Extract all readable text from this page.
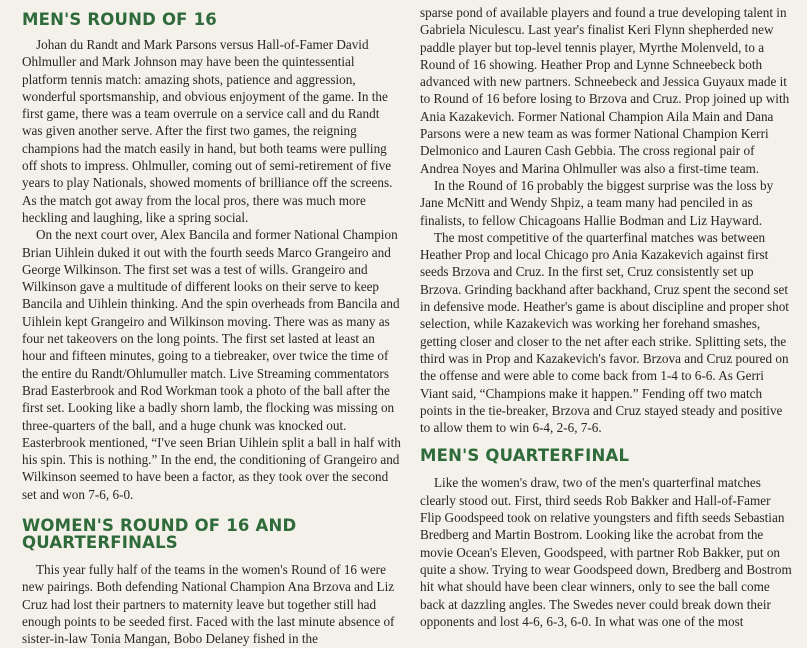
MEN'S ROUND OF 16

Johan du Randt and Mark Parsons versus Hall-of-Famer David Ohlmuller and Mark Johnson may have been the quintessential platform tennis match: amazing shots, patience and aggression, wonderful sportsmanship, and obvious enjoyment of the game. In the first game, there was a team overrule on a service call and du Randt was given another serve. After the first two games, the reigning champions had the match easily in hand, but both teams were pulling off shots to impress. Ohlmuller, coming out of semi-retirement of five years to play Nationals, showed moments of brilliance off the screens. As the match got away from the local pros, there was much more heckling and laughing, like a spring social.

On the next court over, Alex Bancila and former National Champion Brian Uihlein duked it out with the fourth seeds Marco Grangeiro and George Wilkinson. The first set was a test of wills. Grangeiro and Wilkinson gave a multitude of different looks on their serve to keep Bancila and Uihlein thinking. And the spin overheads from Bancila and Uihlein kept Grangeiro and Wilkinson moving. There was as many as four net takeovers on the long points. The first set lasted at least an hour and fifteen minutes, going to a tiebreaker, over twice the time of the entire du Randt/Ohlumuller match. Live Streaming commentators Brad Easterbrook and Rod Workman took a photo of the ball after the first set. Looking like a badly shorn lamb, the flocking was missing on three-quarters of the ball, and a huge chunk was knocked out. Easterbrook mentioned, “I've seen Brian Uihlein split a ball in half with his spin. This is nothing.” In the end, the conditioning of Grangeiro and Wilkinson seemed to have been a factor, as they took over the second set and won 7-6, 6-0.

WOMEN'S ROUND OF 16 AND QUARTERFINALS

This year fully half of the teams in the women's Round of 16 were new pairings. Both defending National Champion Ana Brzova and Liz Cruz had lost their partners to maternity leave but together still had enough points to be seeded first. Faced with the last minute absence of sister-in-law Tonia Mangan, Bobo Delaney fished in the

sparse pond of available players and found a true developing talent in Gabriela Niculescu. Last year's finalist Keri Flynn shepherded new paddle player but top-level tennis player, Myrthe Molenveld, to a Round of 16 showing. Heather Prop and Lynne Schneebeck both advanced with new partners. Schneebeck and Jessica Guyaux made it to Round of 16 before losing to Brzova and Cruz. Prop joined up with Ania Kazakevich. Former National Champion Aila Main and Dana Parsons were a new team as was former National Champion Kerri Delmonico and Lauren Cash Gebbia. The cross regional pair of Andrea Noyes and Marina Ohlmuller was also a first-time team.

In the Round of 16 probably the biggest surprise was the loss by Jane McNitt and Wendy Shpiz, a team many had penciled in as finalists, to fellow Chicagoans Hallie Bodman and Liz Hayward.

The most competitive of the quarterfinal matches was between Heather Prop and local Chicago pro Ania Kazakevich against first seeds Brzova and Cruz. In the first set, Cruz consistently set up Brzova. Grinding backhand after backhand, Cruz spent the second set in defensive mode. Heather's game is about discipline and proper shot selection, while Kazakevich was working her forehand smashes, getting closer and closer to the net after each strike. Splitting sets, the third was in Prop and Kazakevich's favor. Brzova and Cruz poured on the offense and were able to come back from 1-4 to 6-6. As Gerri Viant said, “Champions make it happen.” Fending off two match points in the tie-breaker, Brzova and Cruz stayed steady and positive to allow them to win 6-4, 2-6, 7-6.

MEN'S QUARTERFINAL

Like the women's draw, two of the men's quarterfinal matches clearly stood out. First, third seeds Rob Bakker and Hall-of-Famer Flip Goodspeed took on relative youngsters and fifth seeds Sebastian Bredberg and Martin Bostrom. Looking like the acrobat from the movie Ocean's Eleven, Goodspeed, with partner Rob Bakker, put on quite a show. Trying to wear Goodspeed down, Bredberg and Bostrom hit what should have been clear winners, only to see the ball come back at dazzling angles. The Swedes never could break down their opponents and lost 4-6, 6-3, 6-0. In what was one of the most
